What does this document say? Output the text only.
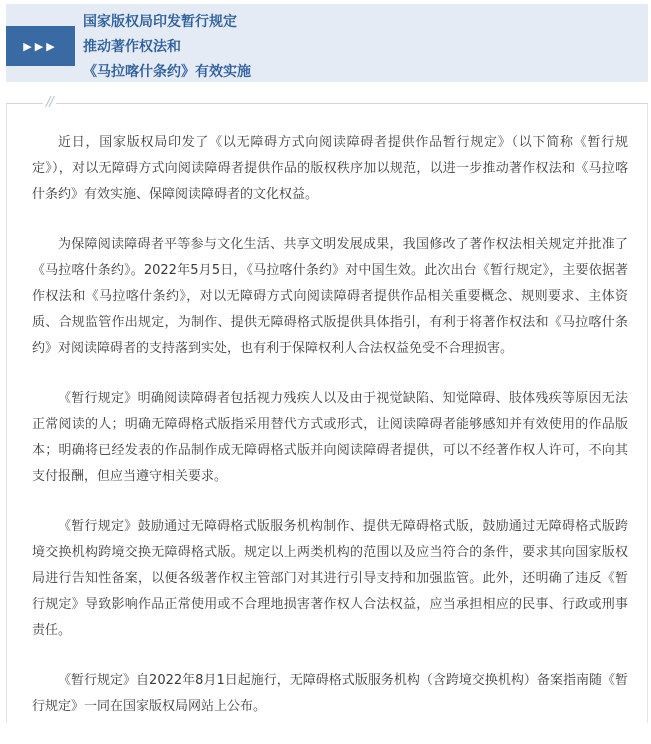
▶▶▶
国家版权局印发暂行规定
推动著作权法和
《马拉喀什条约》有效实施
//

近日，国家版权局印发了《以无障碍方式向阅读障碍者提供作品暂行规定》（以下简称《暂行规定》），对以无障碍方式向阅读障碍者提供作品的版权秩序加以规范，以进一步推动著作权法和《马拉喀什条约》有效实施、保障阅读障碍者的文化权益。

为保障阅读障碍者平等参与文化生活、共享文明发展成果，我国修改了著作权法相关规定并批准了《马拉喀什条约》。2022年5月5日，《马拉喀什条约》对中国生效。此次出台《暂行规定》，主要依据著作权法和《马拉喀什条约》，对以无障碍方式向阅读障碍者提供作品相关重要概念、规则要求、主体资质、合规监管作出规定，为制作、提供无障碍格式版提供具体指引，有利于将著作权法和《马拉喀什条约》对阅读障碍者的支持落到实处，也有利于保障权利人合法权益免受不合理损害。

《暂行规定》明确阅读障碍者包括视力残疾人以及由于视觉缺陷、知觉障碍、肢体残疾等原因无法正常阅读的人；明确无障碍格式版指采用替代方式或形式，让阅读障碍者能够感知并有效使用的作品版本；明确将已经发表的作品制作成无障碍格式版并向阅读障碍者提供，可以不经著作权人许可，不向其支付报酬，但应当遵守相关要求。

《暂行规定》鼓励通过无障碍格式版服务机构制作、提供无障碍格式版，鼓励通过无障碍格式版跨境交换机构跨境交换无障碍格式版。规定以上两类机构的范围以及应当符合的条件，要求其向国家版权局进行告知性备案，以便各级著作权主管部门对其进行引导支持和加强监管。此外，还明确了违反《暂行规定》导致影响作品正常使用或不合理地损害著作权人合法权益，应当承担相应的民事、行政或刑事责任。

《暂行规定》自2022年8月1日起施行，无障碍格式版服务机构（含跨境交换机构）备案指南随《暂行规定》一同在国家版权局网站上公布。
